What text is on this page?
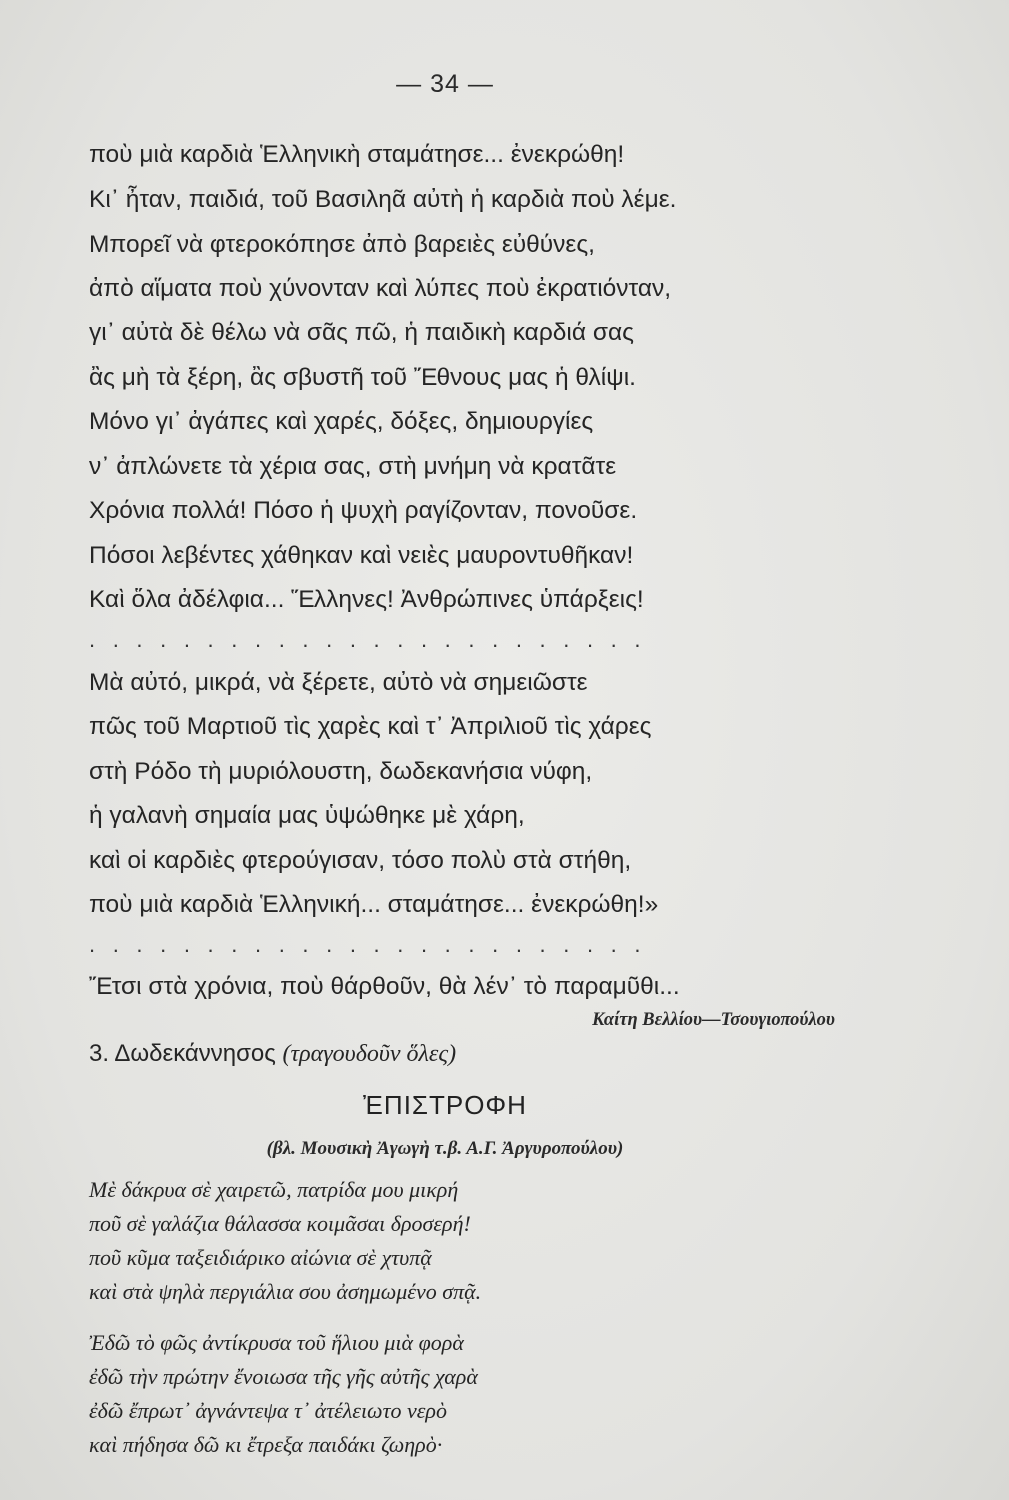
— 34 —
ποὺ μιὰ καρδιὰ Ἑλληνικὴ σταμάτησε... ἐνεκρώθη!
Κι᾽ ἦταν, παιδιά, τοῦ Βασιληᾶ αὐτὴ ἡ καρδιὰ ποὺ λέμε.
Μπορεῖ νὰ φτεροκόπησε ἀπὸ βαρειὲς εὐθύνες,
ἀπὸ αἵματα ποὺ χύνονταν καὶ λύπες ποὺ ἐκρατιόνταν,
γι᾽ αὐτὰ δὲ θέλω νὰ σᾶς πῶ, ἡ παιδικὴ καρδιά σας
ἂς μὴ τὰ ξέρη, ἂς σβυστῆ τοῦ Ἔθνους μας ἡ θλίψι.
Μόνο γι᾽ ἀγάπες καὶ χαρές, δόξες, δημιουργίες
ν᾽ ἀπλώνετε τὰ χέρια σας, στὴ μνήμη νὰ κρατᾶτε
Χρόνια πολλά! Πόσο ἡ ψυχὴ ραγίζονταν, πονοῦσε.
Πόσοι λεβέντες χάθηκαν καὶ νειὲς μαυροντυθῆκαν!
Καὶ ὅλα ἀδέλφια... Ἕλληνες! Ἀνθρώπινες ὑπάρξεις!
........................
Μὰ αὐτό, μικρά, νὰ ξέρετε, αὐτὸ νὰ σημειῶστε
πῶς τοῦ Μαρτιοῦ τὶς χαρὲς καὶ τ᾽ Ἀπριλιοῦ τὶς χάρες
στὴ Ρόδο τὴ μυριόλουστη, δωδεκανήσια νύφη,
ἡ γαλανὴ σημαία μας ὑψώθηκε μὲ χάρη,
καὶ οἱ καρδιὲς φτερούγισαν, τόσο πολὺ στὰ στήθη,
ποὺ μιὰ καρδιὰ Ἑλληνική... σταμάτησε... ἐνεκρώθη!»
........................
Ἔτσι στὰ χρόνια, ποὺ θάρθοῦν, θὰ λέν᾽ τὸ παραμῦθι...
Καίτη Βελλίου—Τσουγιοπούλου
3. Δωδεκάννησος (τραγουδοῦν ὅλες)
ἘΠΙΣΤΡΟΦΗ
(βλ. Μουσικὴ Ἀγωγὴ τ.β. Α.Γ. Ἀργυροπούλου)
Μὲ δάκρυα σὲ χαιρετῶ, πατρίδα μου μικρή
ποῦ σὲ γαλάζια θάλασσα κοιμᾶσαι δροσερή!
ποῦ κῦμα ταξειδιάρικο αἰώνια σὲ χτυπᾷ
καὶ στὰ ψηλὰ περγιάλια σου ἀσημωμένο σπᾷ.
Ἐδῶ τὸ φῶς ἀντίκρυσα τοῦ ἥλιου μιὰ φορὰ
ἐδῶ τὴν πρώτην ἔνοιωσα τῆς γῆς αὐτῆς χαρὰ
ἐδῶ ἔπρωτ᾽ ἀγνάντεψα τ᾽ ἀτέλειωτο νερὸ
καὶ πήδησα δῶ κι ἔτρεξα παιδάκι ζωηρὸ·
